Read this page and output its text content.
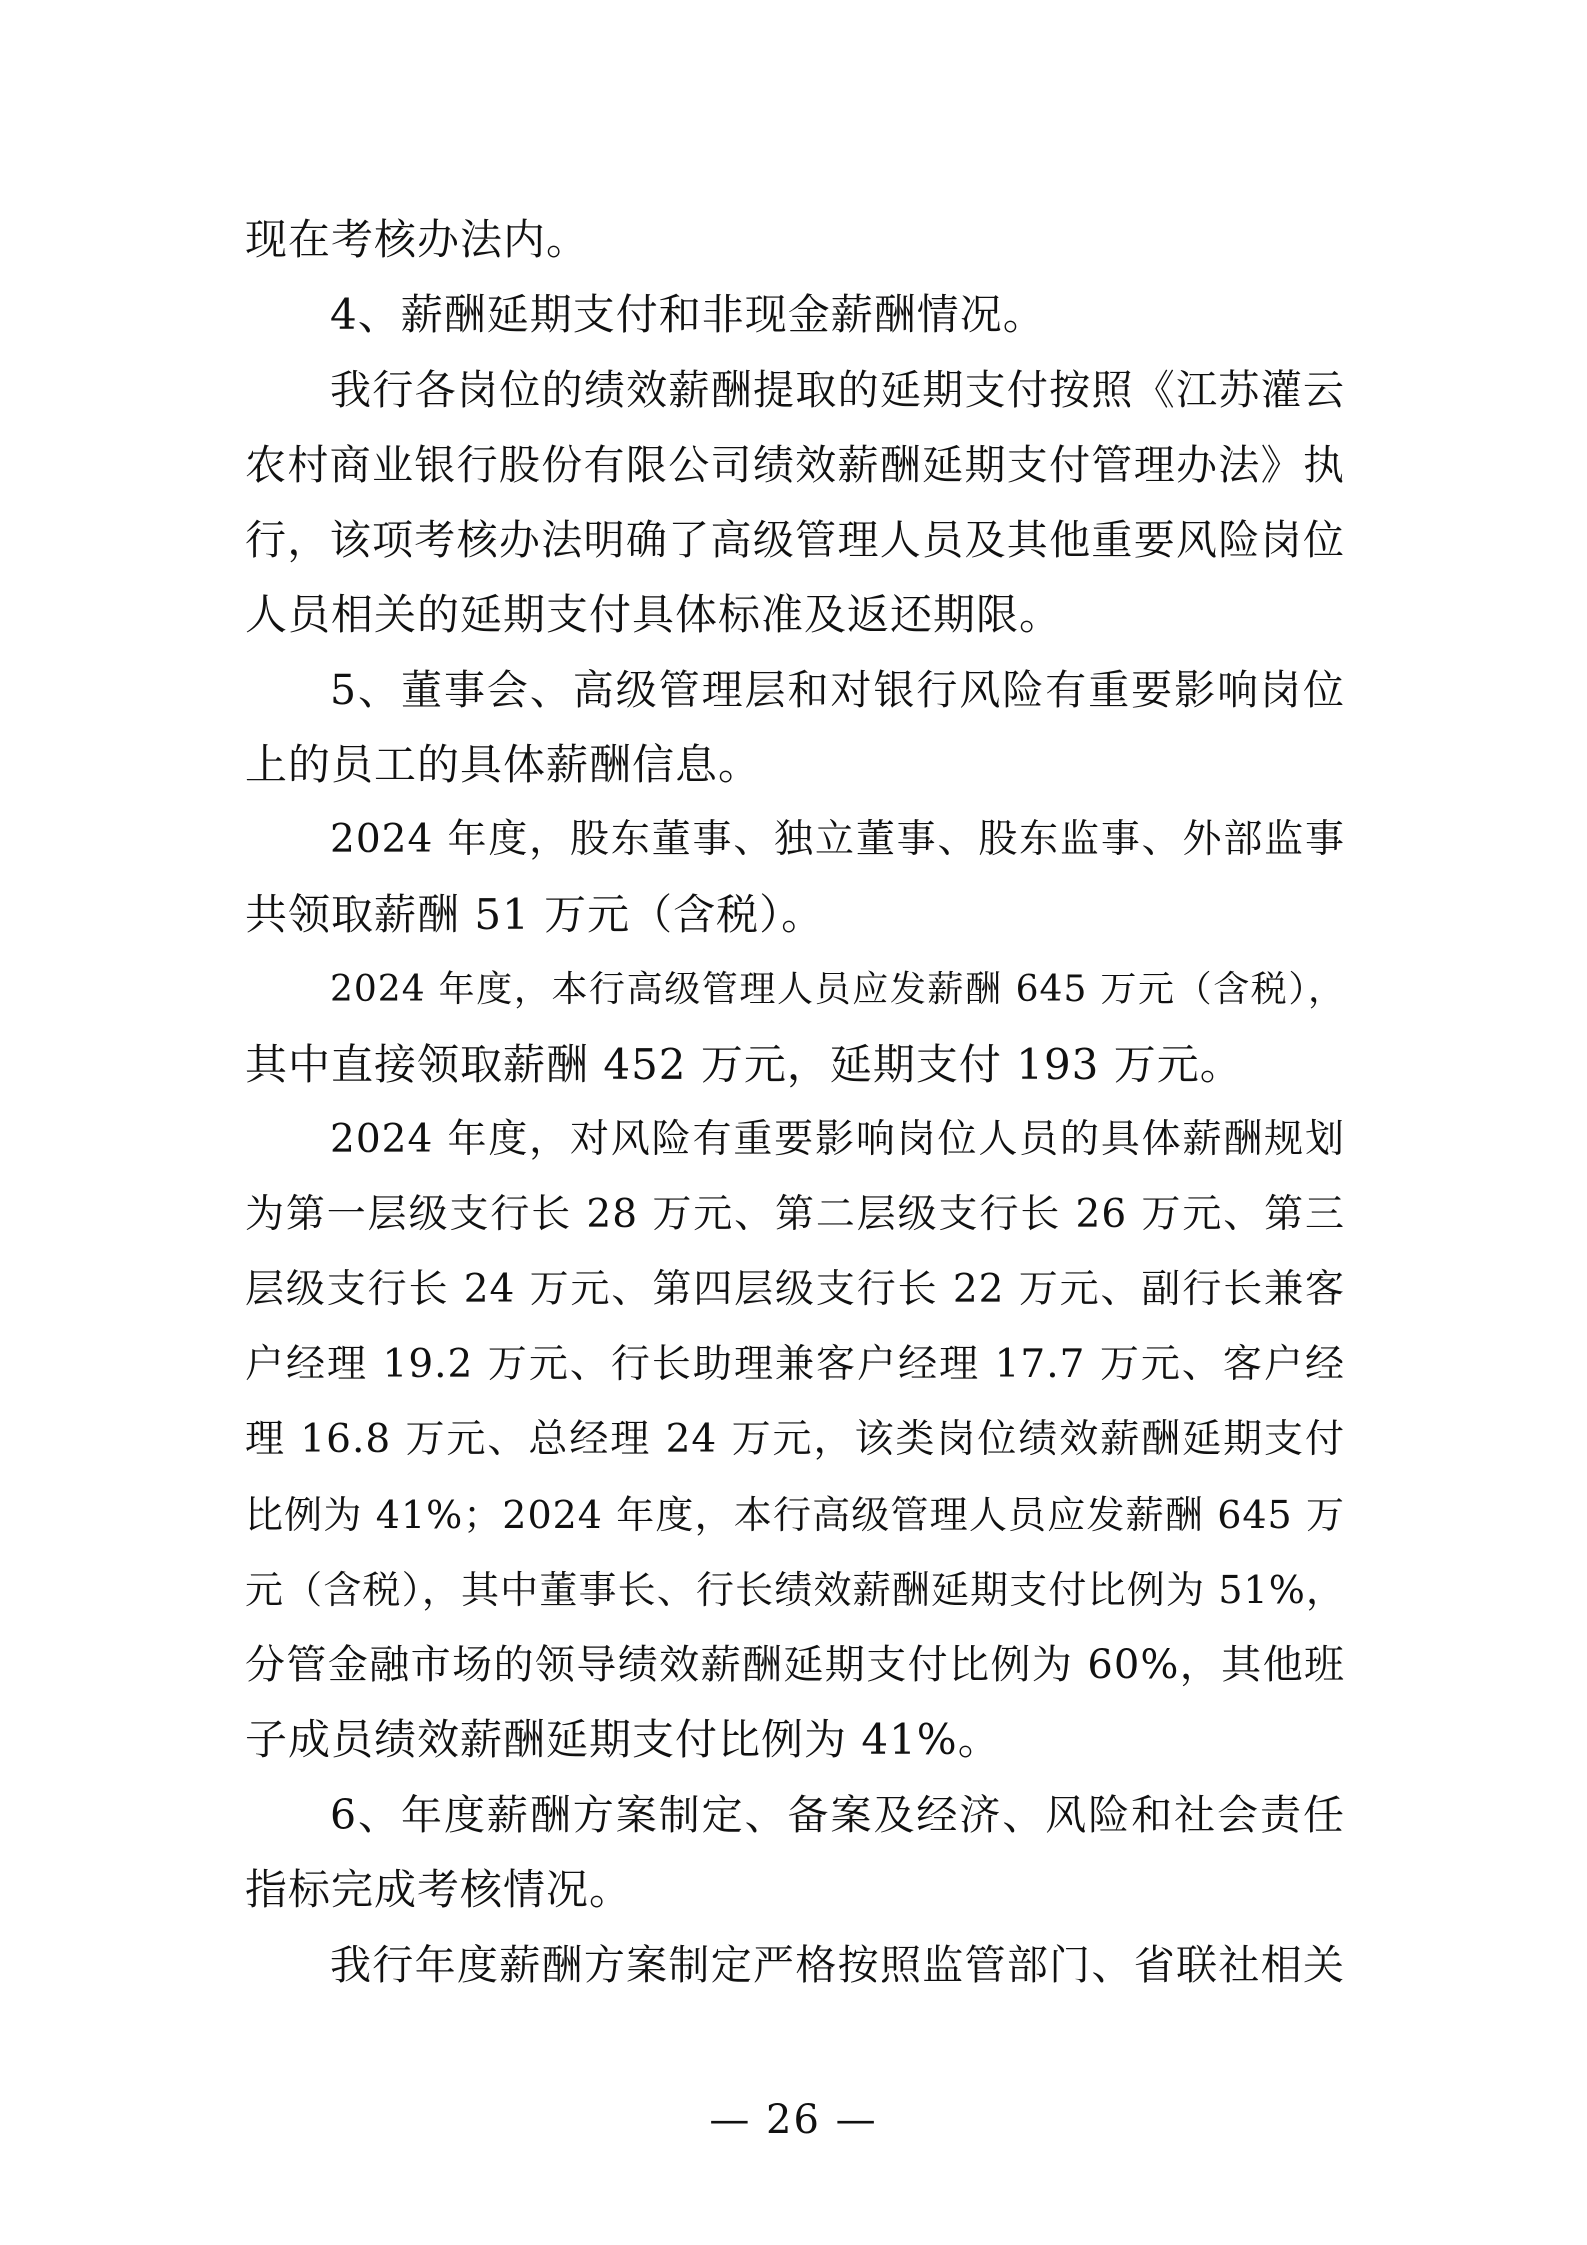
现在考核办法内。
4、薪酬延期支付和非现金薪酬情况。
我行各岗位的绩效薪酬提取的延期支付按照《江苏灌云
农村商业银行股份有限公司绩效薪酬延期支付管理办法》执
行，该项考核办法明确了高级管理人员及其他重要风险岗位
人员相关的延期支付具体标准及返还期限。
5、董事会、高级管理层和对银行风险有重要影响岗位
上的员工的具体薪酬信息。
2024 年度，股东董事、独立董事、股东监事、外部监事
共领取薪酬 51 万元（含税）。
2024 年度，本行高级管理人员应发薪酬 645 万元（含税），
其中直接领取薪酬 452 万元，延期支付 193 万元。
2024 年度，对风险有重要影响岗位人员的具体薪酬规划
为第一层级支行长 28 万元、第二层级支行长 26 万元、第三
层级支行长 24 万元、第四层级支行长 22 万元、副行长兼客
户经理 19.2 万元、行长助理兼客户经理 17.7 万元、客户经
理 16.8 万元、总经理 24 万元，该类岗位绩效薪酬延期支付
比例为 41%；2024 年度，本行高级管理人员应发薪酬 645 万
元（含税），其中董事长、行长绩效薪酬延期支付比例为 51%，
分管金融市场的领导绩效薪酬延期支付比例为 60%，其他班
子成员绩效薪酬延期支付比例为 41%。
6、年度薪酬方案制定、备案及经济、风险和社会责任
指标完成考核情况。
我行年度薪酬方案制定严格按照监管部门、省联社相关
— 26 —
